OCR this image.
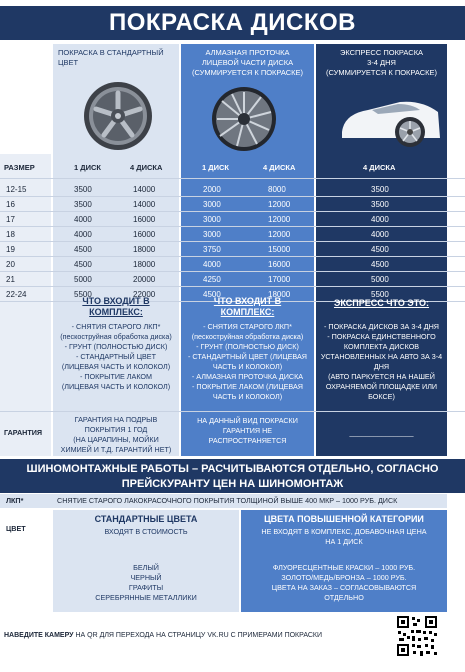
ПОКРАСКА ДИСКОВ
ПОКРАСКА В СТАНДАРТНЫЙ ЦВЕТ
АЛМАЗНАЯ ПРОТОЧКА
ЛИЦЕВОЙ ЧАСТИ ДИСКА
(СУММИРУЕТСЯ К ПОКРАСКЕ)
ЭКСПРЕСС ПОКРАСКА
3-4 ДНЯ
(СУММИРУЕТСЯ К ПОКРАСКЕ)
РАЗМЕР	1 ДИСК	4 ДИСКА	1 ДИСК	4 ДИСКА	4 ДИСКА
12-15	3500	14000	2000	8000	3500
16	3500	14000	3000	12000	3500
17	4000	16000	3000	12000	4000
18	4000	16000	3000	12000	4000
19	4500	18000	3750	15000	4500
20	4500	18000	4000	16000	4500
21	5000	20000	4250	17000	5000
22-24	5500	22000	4500	18000	5500
ЧТО ВХОДИТ В КОМПЛЕКС:
- СНЯТИЯ СТАРОГО ЛКП*
(пескоструйная обработка диска)
- ГРУНТ (ПОЛНОСТЬЮ ДИСК)
- СТАНДАРТНЫЙ ЦВЕТ
(ЛИЦЕВАЯ ЧАСТЬ И КОЛОКОЛ)
- ПОКРЫТИЕ ЛАКОМ
(ЛИЦЕВАЯ ЧАСТЬ И КОЛОКОЛ)
ЧТО ВХОДИТ В КОМПЛЕКС:
- СНЯТИЯ СТАРОГО ЛКП*
(пескоструйная обработка диска)
- ГРУНТ (ПОЛНОСТЬЮ ДИСК)
- СТАНДАРТНЫЙ ЦВЕТ (ЛИЦЕВАЯ
ЧАСТЬ И КОЛОКОЛ)
- АЛМАЗНАЯ ПРОТОЧКА ДИСКА
- ПОКРЫТИЕ ЛАКОМ (ЛИЦЕВАЯ
ЧАСТЬ И КОЛОКОЛ)
ЭКСПРЕСС ЧТО ЭТО:
- ПОКРАСКА ДИСКОВ ЗА 3-4 ДНЯ
- ПОКРАСКА ЕДИНСТВЕННОГО
КОМПЛЕКТА ДИСКОВ
УСТАНОВЛЕННЫХ НА АВТО ЗА 3-4
ДНЯ
(АВТО ПАРКУЕТСЯ НА НАШЕЙ
ОХРАНЯЕМОЙ ПЛОЩАДКЕ ИЛИ
БОКСЕ)
ГАРАНТИЯ
ГАРАНТИЯ НА ПОДРЫВ
ПОКРЫТИЯ 1 ГОД
(НА ЦАРАПИНЫ, МОЙКИ
ХИМИЕЙ И Т.Д. ГАРАНТИЙ НЕТ)
НА ДАННЫЙ ВИД ПОКРАСКИ
ГАРАНТИЯ НЕ
РАСПРОСТРАНЯЕТСЯ
________________
ШИНОМОНТАЖНЫЕ РАБОТЫ – РАСЧИТЫВАЮТСЯ ОТДЕЛЬНО, СОГЛАСНО
ПРЕЙСКУРАНТУ ЦЕН НА ШИНОМОНТАЖ
ЛКП*	СНЯТИЕ СТАРОГО ЛАКОКРАСОЧНОГО ПОКРЫТИЯ ТОЛЩИНОЙ ВЫШЕ 400 МКР – 1000 РУБ. ДИСК
ЦВЕТ
СТАНДАРТНЫЕ ЦВЕТА
ВХОДЯТ В СТОИМОСТЬ
БЕЛЫЙ
ЧЕРНЫЙ
ГРАФИТЫ
СЕРЕБРЯННЫЕ МЕТАЛЛИКИ
ЦВЕТА ПОВЫШЕННОЙ КАТЕГОРИИ
НЕ ВХОДЯТ В КОМПЛЕКС, ДОБАВОЧНАЯ ЦЕНА
НА 1 ДИСК
ФЛУОРЕСЦЕНТНЫЕ КРАСКИ – 1000 РУБ.
ЗОЛОТО/МЕДЬ/БРОНЗА – 1000 РУБ.
ЦВЕТА НА ЗАКАЗ – СОГЛАСОВЫВАЮТСЯ
ОТДЕЛЬНО
НАВЕДИТЕ КАМЕРУ НА QR ДЛЯ ПЕРЕХОДА НА СТРАНИЦУ VK.RU С ПРИМЕРАМИ ПОКРАСКИ
